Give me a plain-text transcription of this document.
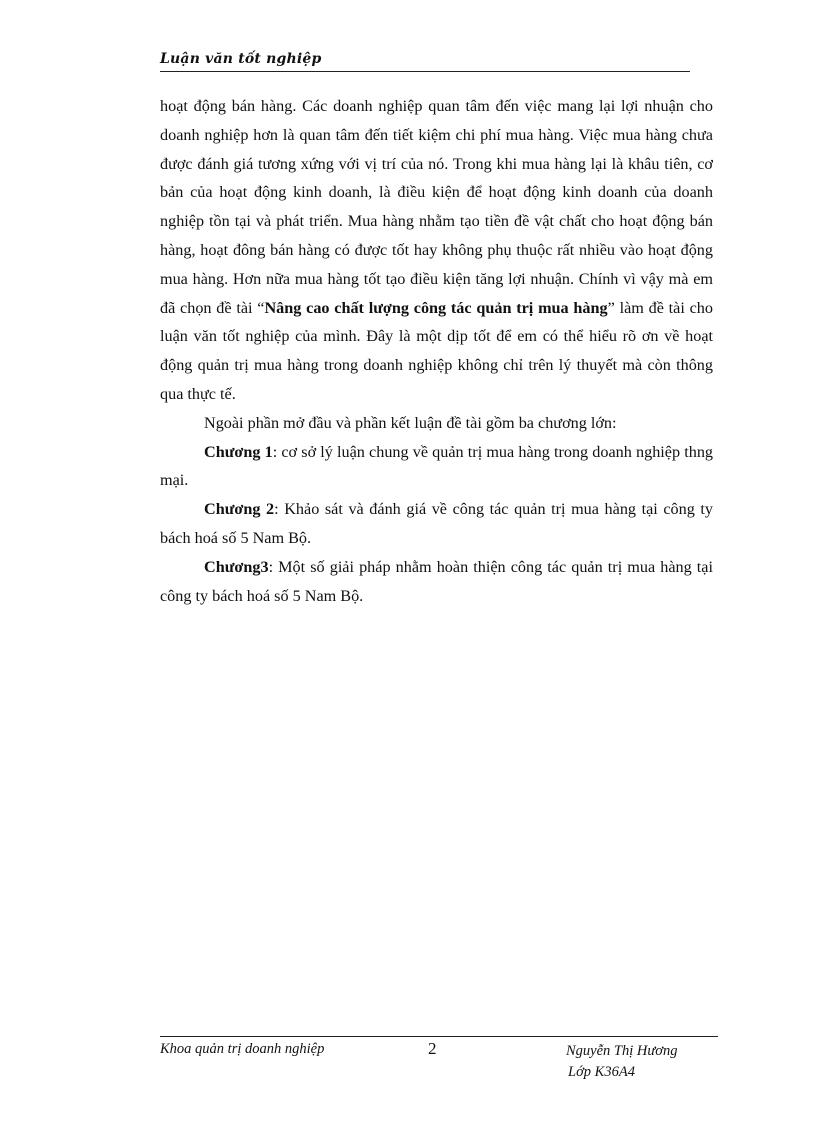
Luận văn tốt nghiệp

hoạt động bán hàng. Các doanh nghiệp quan tâm đến việc mang lại lợi nhuận cho doanh nghiệp hơn là quan tâm đến tiết kiệm chi phí mua hàng. Việc mua hàng chưa được đánh giá tương xứng với vị trí của nó. Trong khi mua hàng lại là khâu tiên, cơ bản của hoạt động kinh doanh, là điều kiện để hoạt động kinh doanh của doanh nghiệp tồn tại và phát triển. Mua hàng nhằm tạo tiền đề vật chất cho hoạt động bán hàng, hoạt đông bán hàng có được tốt hay không phụ thuộc rất nhiều vào hoạt động mua hàng. Hơn nữa mua hàng tốt tạo điều kiện tăng lợi nhuận. Chính vì vậy mà em đã chọn đề tài “Nâng cao chất lượng công tác quản trị mua hàng” làm đề tài cho luận văn tốt nghiệp của mình. Đây là một dịp tốt để em có thể hiểu rõ ơn về hoạt động quản trị mua hàng trong doanh nghiệp không chỉ trên lý thuyết mà còn thông qua thực tế.

Ngoài phần mở đầu và phần kết luận đề tài gồm ba chương lớn:

Chương 1: cơ sở lý luận chung về quản trị mua hàng trong doanh nghiệp thng mại.

Chương 2: Khảo sát và đánh giá về công tác quản trị mua hàng tại công ty bách hoá số 5 Nam Bộ.

Chương3: Một số giải pháp nhằm hoàn thiện công tác quản trị mua hàng tại công ty bách hoá số 5 Nam Bộ.

Khoa quản trị doanh nghiệp	2	Nguyễn Thị Hương
Lớp K36A4
